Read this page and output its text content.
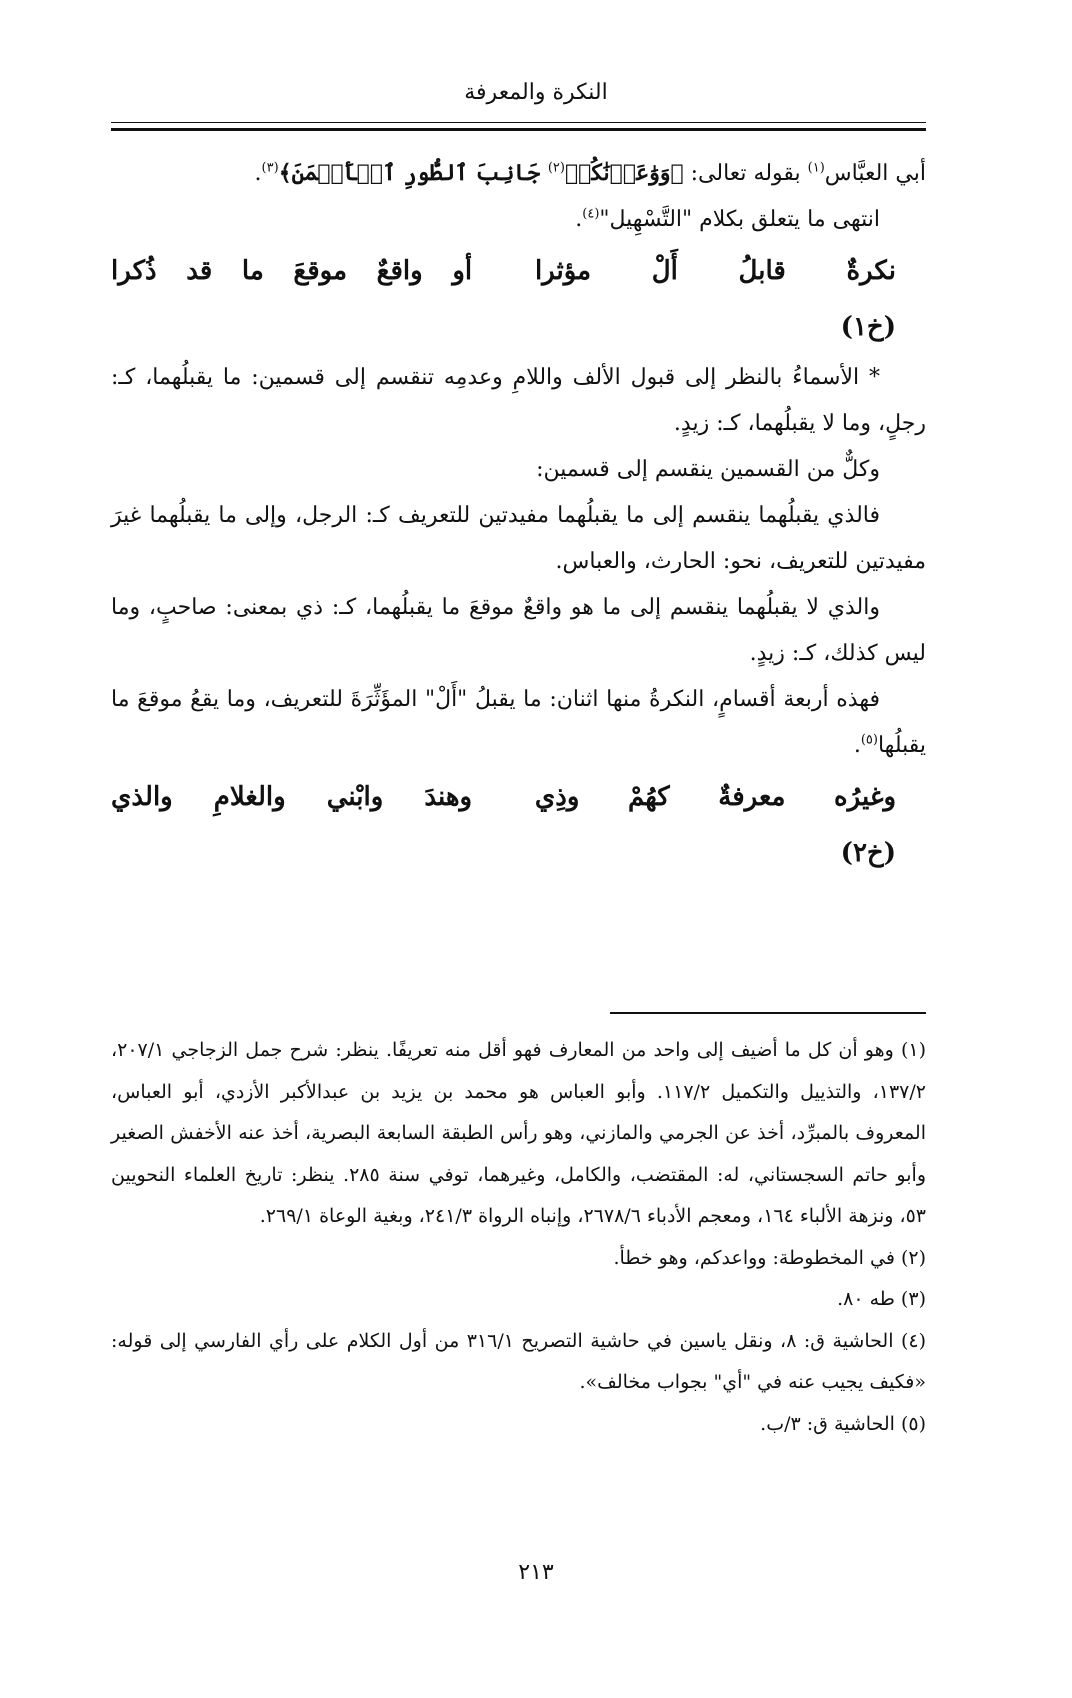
النكرة والمعرفة

أبي العبَّاس$^{(١)}$ بقوله تعالى: ﴿وَوَٰعَدۡنَٰكُمۡ$^{(٢)}$ جَانِبَ ٱلطُّورِ ٱلۡأَيۡمَنَ﴾$^{(٣)}$.

انتهى ما يتعلق بكلام "التَّسْهِيل"$^{(٤)}$.

نكرةٌ
قابلُ
أَلْ
مؤثرا
أو
واقعٌ
موقعَ
ما
قد
ذُكرا
(خ١)

* الأسماءُ بالنظر إلى قبول الألف واللامِ وعدمِه تنقسم إلى قسمين: ما يقبلُهما، كـ: رجلٍ، وما لا يقبلُهما، كـ: زيدٍ.

وكلٌّ من القسمين ينقسم إلى قسمين:

فالذي يقبلُهما ينقسم إلى ما يقبلُهما مفيدتين للتعريف كـ: الرجل، وإلى ما يقبلُهما غيرَ مفيدتين للتعريف، نحو: الحارث، والعباس.

والذي لا يقبلُهما ينقسم إلى ما هو واقعٌ موقعَ ما يقبلُهما، كـ: ذي بمعنى: صاحبٍ، وما ليس كذلك، كـ: زيدٍ.

فهذه أربعة أقسامٍ، النكرةُ منها اثنان: ما يقبلُ "أَلْ" المؤَثِّرَةَ للتعريف، وما يقعُ موقعَ ما يقبلُها$^{(٥)}$.

وغيرُه
معرفةٌ
كهُمْ
وذِي
وهندَ
وابْني
والغلامِ
والذي
(خ٢)

(١) وهو أن كل ما أضيف إلى واحد من المعارف فهو أقل منه تعريفًا. ينظر: شرح جمل الزجاجي ٢٠٧/١، ١٣٧/٢، والتذييل والتكميل ١١٧/٢. وأبو العباس هو محمد بن يزيد بن عبدالأكبر الأزدي، أبو العباس، المعروف بالمبرِّد، أخذ عن الجرمي والمازني، وهو رأس الطبقة السابعة البصرية، أخذ عنه الأخفش الصغير وأبو حاتم السجستاني، له: المقتضب، والكامل، وغيرهما، توفي سنة ٢٨٥. ينظر: تاريخ العلماء النحويين ٥٣، ونزهة الألباء ١٦٤، ومعجم الأدباء ٢٦٧٨/٦، وإنباه الرواة ٢٤١/٣، وبغية الوعاة ٢٦٩/١.

(٢) في المخطوطة: وواعدكم، وهو خطأ.

(٣) طه ٨٠.

(٤) الحاشية ق: ٨، ونقل ياسين في حاشية التصريح ٣١٦/١ من أول الكلام على رأي الفارسي إلى قوله: «فكيف يجيب عنه في "أي" بجواب مخالف».

(٥) الحاشية ق: ٣/ب.

٢١٣
